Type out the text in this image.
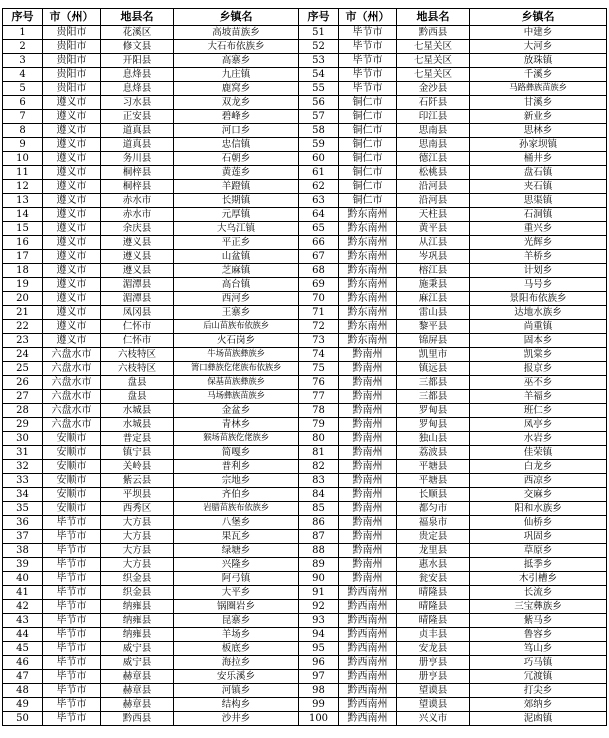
序号	市（州）	地县名	乡镇名	序号	市（州）	地县名	乡镇名
1	贵阳市	花溪区	高坡苗族乡	51	毕节市	黔西县	中建乡
2	贵阳市	修文县	大石布依族乡	52	毕节市	七星关区	大河乡
3	贵阳市	开阳县	高寨乡	53	毕节市	七星关区	放珠镇
4	贵阳市	息烽县	九庄镇	54	毕节市	七星关区	千溪乡
5	贵阳市	息烽县	鹿窝乡	55	毕节市	金沙县	马路彝族苗族乡
6	遵义市	习水县	双龙乡	56	铜仁市	石阡县	甘溪乡
7	遵义市	正安县	碧峰乡	57	铜仁市	印江县	新业乡
8	遵义市	道真县	河口乡	58	铜仁市	思南县	思林乡
9	遵义市	道真县	忠信镇	59	铜仁市	思南县	孙家坝镇
10	遵义市	务川县	石朝乡	60	铜仁市	德江县	桶井乡
11	遵义市	桐梓县	黄莲乡	61	铜仁市	松桃县	盘石镇
12	遵义市	桐梓县	羊蹬镇	62	铜仁市	沿河县	夹石镇
13	遵义市	赤水市	长期镇	63	铜仁市	沿河县	思渠镇
14	遵义市	赤水市	元厚镇	64	黔东南州	天柱县	石洞镇
15	遵义市	余庆县	大乌江镇	65	黔东南州	黄平县	重兴乡
16	遵义市	遵义县	平正乡	66	黔东南州	从江县	光辉乡
17	遵义市	遵义县	山盆镇	67	黔东南州	岑巩县	羊桥乡
18	遵义市	遵义县	芝麻镇	68	黔东南州	榕江县	计划乡
19	遵义市	湄潭县	高台镇	69	黔东南州	施秉县	马号乡
20	遵义市	湄潭县	西河乡	70	黔东南州	麻江县	景阳布依族乡
21	遵义市	凤冈县	王寨乡	71	黔东南州	雷山县	达地水族乡
22	遵义市	仁怀市	后山苗族布依族乡	72	黔东南州	黎平县	尚重镇
23	遵义市	仁怀市	火石岗乡	73	黔东南州	锦屏县	固本乡
24	六盘水市	六枝特区	牛场苗族彝族乡	74	黔南州	凯里市	凯棠乡
25	六盘水市	六枝特区	箐口彝族仡佬族布依族乡	75	黔南州	镇远县	报京乡
26	六盘水市	盘县	保基苗族彝族乡	76	黔南州	三都县	巫不乡
27	六盘水市	盘县	马场彝族苗族乡	77	黔南州	三都县	羊福乡
28	六盘水市	水城县	金盆乡	78	黔南州	罗甸县	班仁乡
29	六盘水市	水城县	青林乡	79	黔南州	罗甸县	凤亭乡
30	安顺市	普定县	猴场苗族仡佬族乡	80	黔南州	独山县	水岩乡
31	安顺市	镇宁县	简嘎乡	81	黔南州	荔波县	佳荣镇
32	安顺市	关岭县	普利乡	82	黔南州	平塘县	白龙乡
33	安顺市	紫云县	宗地乡	83	黔南州	平塘县	西凉乡
34	安顺市	平坝县	齐伯乡	84	黔南州	长顺县	交麻乡
35	安顺市	西秀区	岩腊苗族布依族乡	85	黔南州	都匀市	阳和水族乡
36	毕节市	大方县	八堡乡	86	黔南州	福泉市	仙桥乡
37	毕节市	大方县	果瓦乡	87	黔南州	贵定县	巩固乡
38	毕节市	大方县	绿塘乡	88	黔南州	龙里县	草原乡
39	毕节市	大方县	兴隆乡	89	黔南州	惠水县	抵季乡
40	毕节市	织金县	阿弓镇	90	黔南州	瓮安县	木引槽乡
41	毕节市	织金县	大平乡	91	黔西南州	晴隆县	长流乡
42	毕节市	纳雍县	锅圈岩乡	92	黔西南州	晴隆县	三宝彝族乡
43	毕节市	纳雍县	昆寨乡	93	黔西南州	晴隆县	紫马乡
44	毕节市	纳雍县	羊场乡	94	黔西南州	贞丰县	鲁容乡
45	毕节市	威宁县	板底乡	95	黔西南州	安龙县	笃山乡
46	毕节市	威宁县	海拉乡	96	黔西南州	册亨县	巧马镇
47	毕节市	赫章县	安乐溪乡	97	黔西南州	册亨县	冗渡镇
48	毕节市	赫章县	河镇乡	98	黔西南州	望谟县	打尖乡
49	毕节市	赫章县	结构乡	99	黔西南州	望谟县	郊纳乡
50	毕节市	黔西县	沙井乡	100	黔西南州	兴义市	泥凼镇
